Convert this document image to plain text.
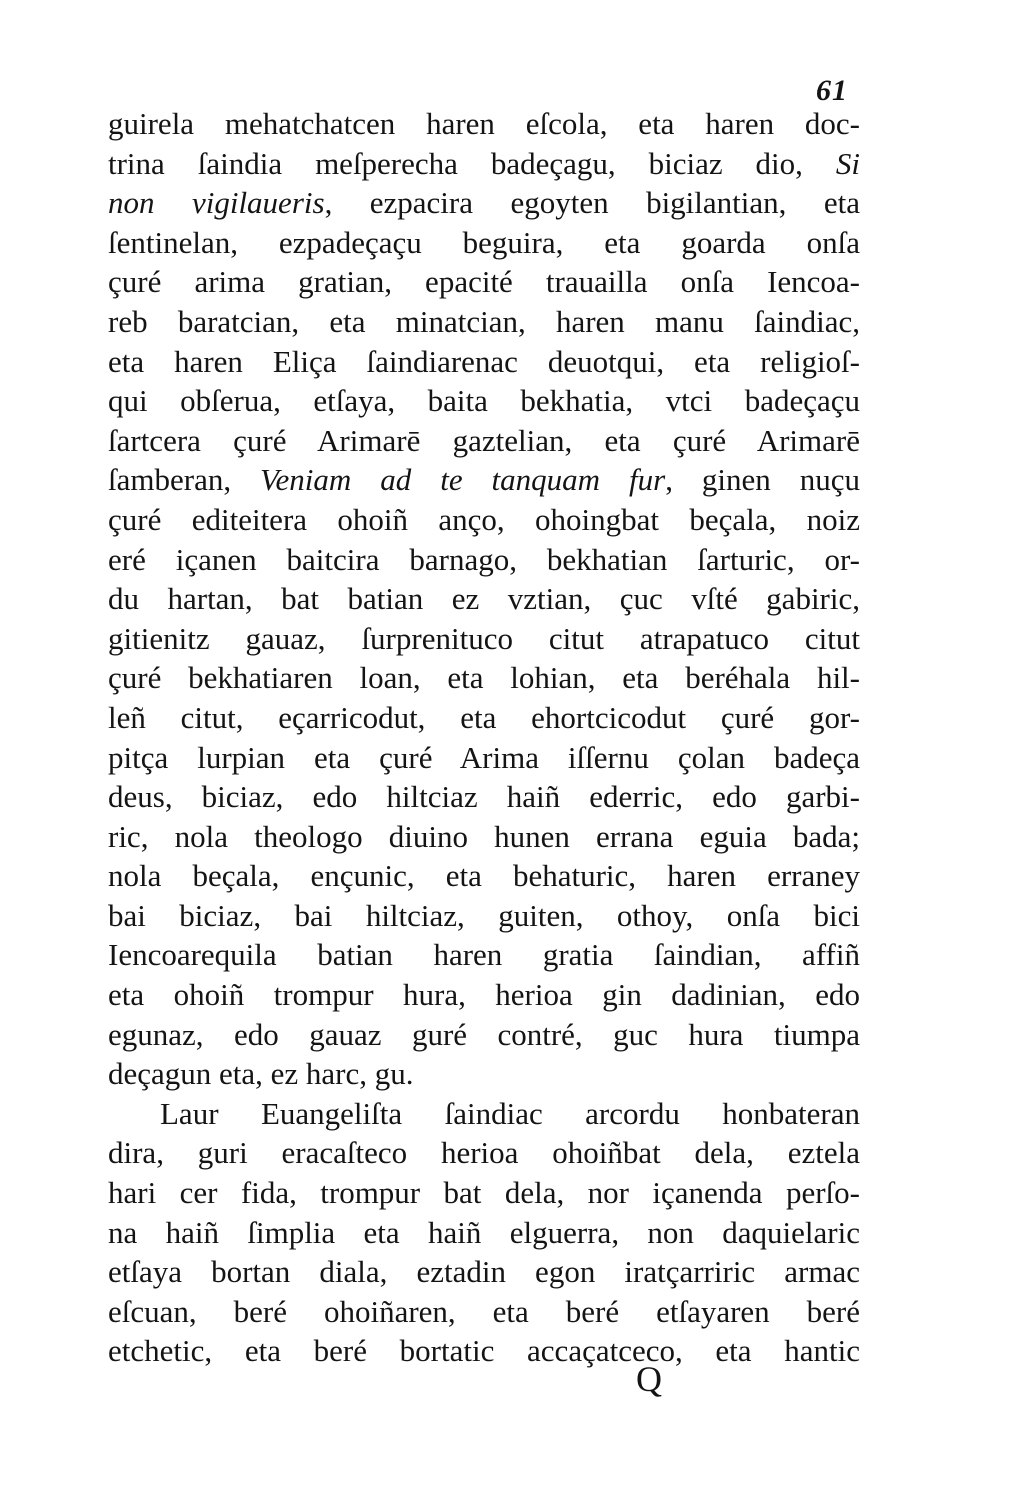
61
guirela mehatchatcen haren eſcola, eta haren doc-
trina ſaindia meſperecha badeçagu, biciaz dio, Si
non vigilaueris, ezpacira egoyten bigilantian, eta
ſentinelan, ezpadeçaçu beguira, eta goarda onſa
çuré arima gratian, epacité trauailla onſa Iencoa-
reb baratcian, eta minatcian, haren manu ſaindiac,
eta haren Eliça ſaindiarenac deuotqui, eta religioſ-
qui obſerua, etſaya, baita bekhatia, vtci badeçaçu
ſartcera çuré Arimarē gaztelian, eta çuré Arimarē
ſamberan, Veniam ad te tanquam fur, ginen nuçu
çuré editeitera ohoiñ anço, ohoingbat beçala, noiz
eré içanen baitcira barnago, bekhatian ſarturic, or-
du hartan, bat batian ez vztian, çuc vſté gabiric,
gitienitz gauaz, ſurprenituco citut atrapatuco citut
çuré bekhatiaren loan, eta lohian, eta beréhala hil-
leñ citut, eçarricodut, eta ehortcicodut çuré gor-
pitça lurpian eta çuré Arima iſſernu çolan badeça
deus, biciaz, edo hiltciaz haiñ ederric, edo garbi-
ric, nola theologo diuino hunen errana eguia bada;
nola beçala, ençunic, eta behaturic, haren erraney
bai biciaz, bai hiltciaz, guiten, othoy, onſa bici
Iencoarequila batian haren gratia ſaindian, affiñ
eta ohoiñ trompur hura, herioa gin dadinian, edo
egunaz, edo gauaz guré contré, guc hura tiumpa
deçagun eta, ez harc, gu.
Laur Euangeliſta ſaindiac arcordu honbateran
dira, guri eracaſteco herioa ohoiñbat dela, eztela
hari cer fida, trompur bat dela, nor içanenda perſo-
na haiñ ſimplia eta haiñ elguerra, non daquielaric
etſaya bortan diala, eztadin egon iratçarriric armac
eſcuan, beré ohoiñaren, eta beré etſayaren beré
etchetic, eta beré bortatic accaçatceco, eta hantic
Q
